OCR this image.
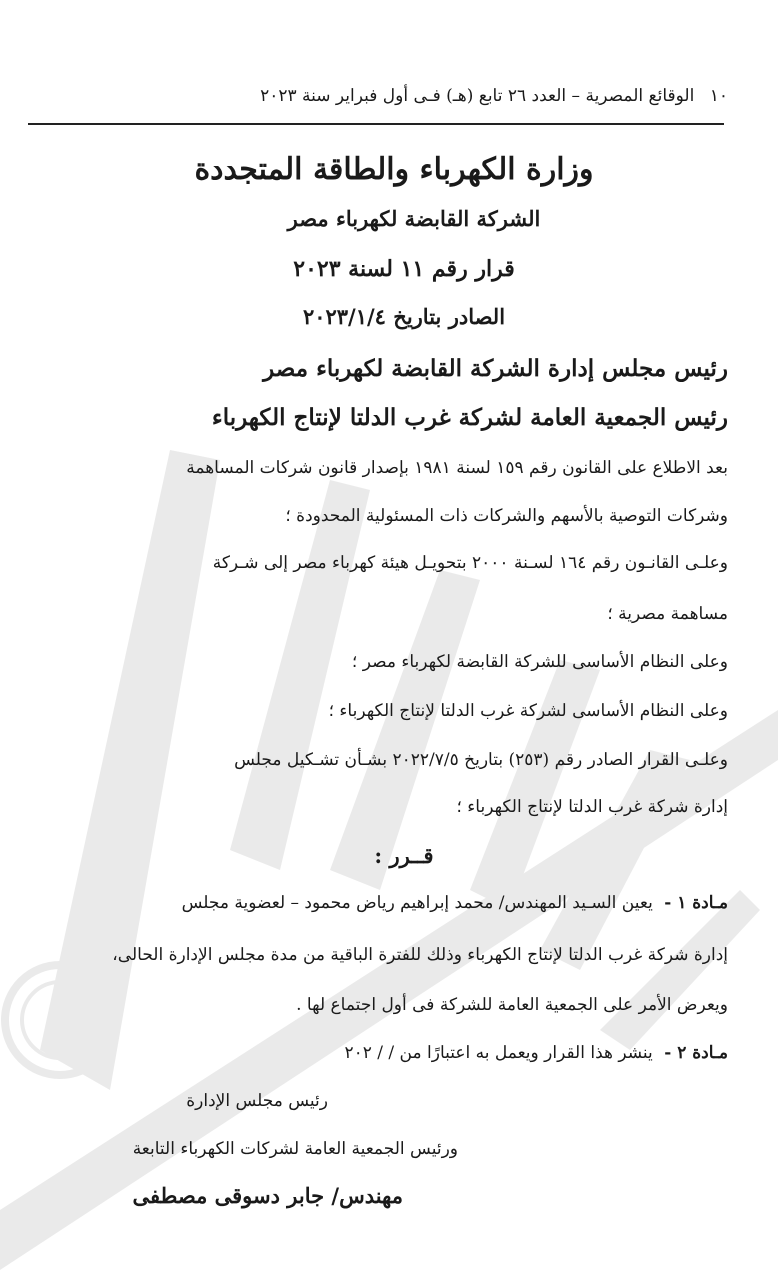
١٠ الوقائع المصرية – العدد ٢٦ تابع (هـ) فـى أول فبراير سنة ٢٠٢٣
وزارة الكهرباء والطاقة المتجددة
الشركة القابضة لكهرباء مصر
قرار رقم ١١ لسنة ٢٠٢٣
الصادر بتاريخ ٢٠٢٣/١/٤
رئيس مجلس إدارة الشركة القابضة لكهرباء مصر
رئيس الجمعية العامة لشركة غرب الدلتا لإنتاج الكهرباء
بعد الاطلاع على القانون رقم ١٥٩ لسنة ١٩٨١ بإصدار قانون شركات المساهمة
وشركات التوصية بالأسهم والشركات ذات المسئولية المحدودة ؛
وعلـى القانـون رقم ١٦٤ لسـنة ٢٠٠٠ بتحويـل هيئة كهرباء مصر إلى شـركة
مساهمة مصرية ؛
وعلى النظام الأساسى للشركة القابضة لكهرباء مصر ؛
وعلى النظام الأساسى لشركة غرب الدلتا لإنتاج الكهرباء ؛
وعلـى القرار الصادر رقم (٢٥٣) بتاريخ ٢٠٢٢/٧/٥ بشـأن تشـكيل مجلس
إدارة شركة غرب الدلتا لإنتاج الكهرباء ؛
قــرر :
مـادة ١ - يعين السـيد المهندس/ محمد إبراهيم رياض محمود – لعضوية مجلس
إدارة شركة غرب الدلتا لإنتاج الكهرباء وذلك للفترة الباقية من مدة مجلس الإدارة الحالى،
ويعرض الأمر على الجمعية العامة للشركة فى أول اجتماع لها .
مـادة ٢ - ينشر هذا القرار ويعمل به اعتبارًا من / / ٢٠٢
رئيس مجلس الإدارة
ورئيس الجمعية العامة لشركات الكهرباء التابعة
مهندس/ جابر دسوقى مصطفى
